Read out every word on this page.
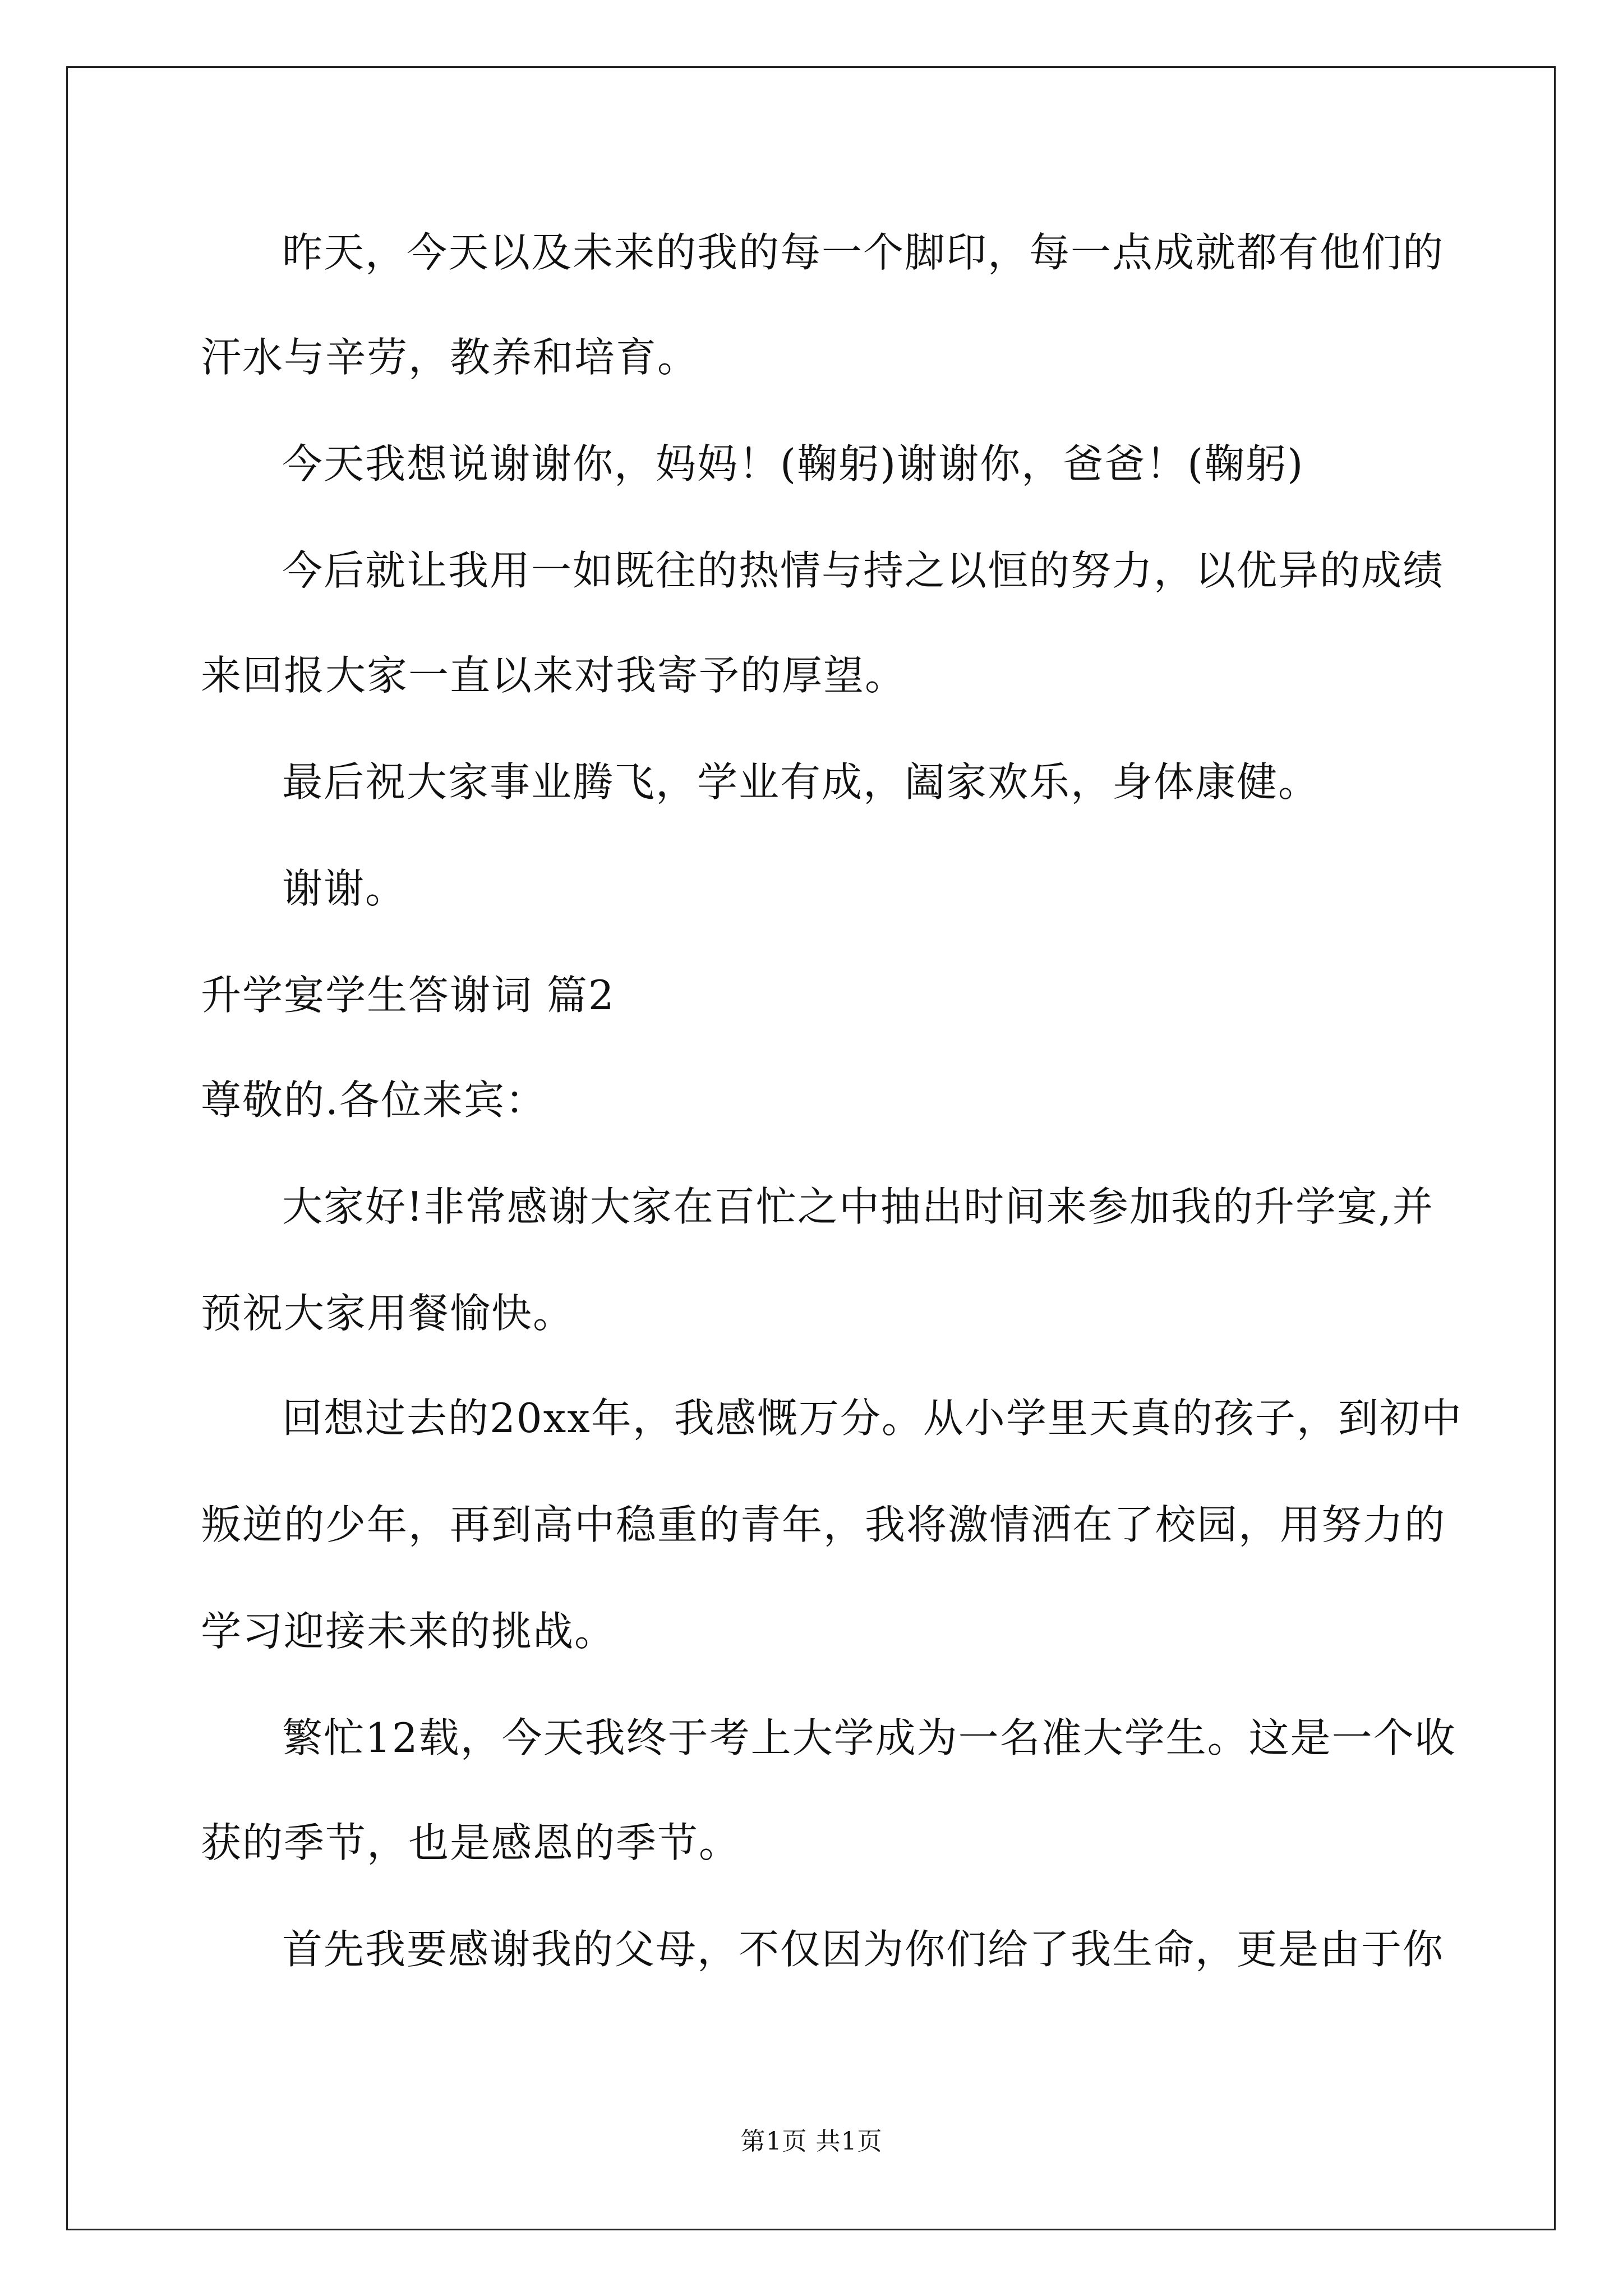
昨天，今天以及未来的我的每一个脚印，每一点成就都有他们的
汗水与辛劳，教养和培育。
今天我想说谢谢你，妈妈！(鞠躬)谢谢你，爸爸！(鞠躬)
今后就让我用一如既往的热情与持之以恒的努力，以优异的成绩
来回报大家一直以来对我寄予的厚望。
最后祝大家事业腾飞，学业有成，阖家欢乐，身体康健。
谢谢。
升学宴学生答谢词 篇2
尊敬的.各位来宾：
大家好!非常感谢大家在百忙之中抽出时间来参加我的升学宴,并
预祝大家用餐愉快。
回想过去的20xx年，我感慨万分。从小学里天真的孩子，到初中
叛逆的少年，再到高中稳重的青年，我将激情洒在了校园，用努力的
学习迎接未来的挑战。
繁忙12载，今天我终于考上大学成为一名准大学生。这是一个收
获的季节，也是感恩的季节。
首先我要感谢我的父母，不仅因为你们给了我生命，更是由于你
第1页 共1页
